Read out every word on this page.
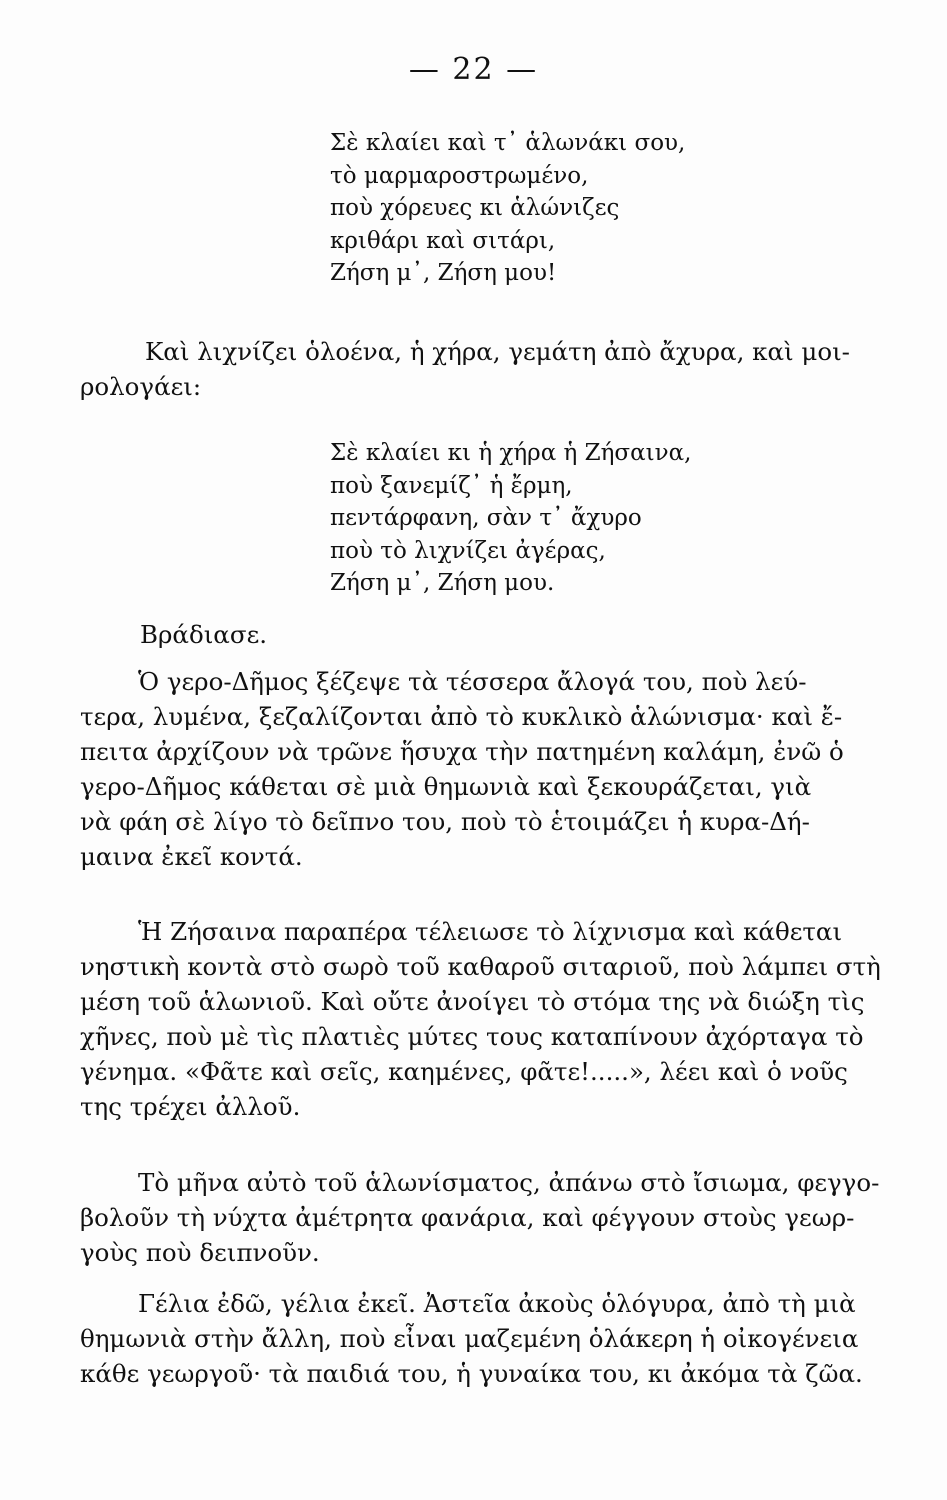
— 22 —
Σὲ κλαίει καὶ τ᾽ ἁλωνάκι σου,
τὸ μαρμαροστρωμένο,
ποὺ χόρευες κι ἁλώνιζες
κριθάρι καὶ σιτάρι,
Ζήση μ᾽, Ζήση μου!
Καὶ λιχνίζει ὁλοένα, ἡ χήρα, γεμάτη ἀπὸ ἄχυρα, καὶ μοι-
ρολογάει:
Σὲ κλαίει κι ἡ χήρα ἡ Ζήσαινα,
ποὺ ξανεμίζ᾽ ἡ ἔρμη,
πεντάρφανη, σὰν τ᾽ ἄχυρο
ποὺ τὸ λιχνίζει ἀγέρας,
Ζήση μ᾽, Ζήση μου.
Βράδιασε.
Ὁ γερο-Δῆμος ξέζεψε τὰ τέσσερα ἄλογά του, ποὺ λεύ-
τερα, λυμένα, ξεζαλίζονται ἀπὸ τὸ κυκλικὸ ἁλώνισμα· καὶ ἔ-
πειτα ἀρχίζουν νὰ τρῶνε ἥσυχα τὴν πατημένη καλάμη, ἐνῶ ὁ
γερο-Δῆμος κάθεται σὲ μιὰ θημωνιὰ καὶ ξεκουράζεται, γιὰ
νὰ φάη σὲ λίγο τὸ δεῖπνο του, ποὺ τὸ ἑτοιμάζει ἡ κυρα-Δή-
μαινα ἐκεῖ κοντά.
Ἡ Ζήσαινα παραπέρα τέλειωσε τὸ λίχνισμα καὶ κάθεται
νηστικὴ κοντὰ στὸ σωρὸ τοῦ καθαροῦ σιταριοῦ, ποὺ λάμπει στὴ
μέση τοῦ ἁλωνιοῦ. Καὶ οὔτε ἀνοίγει τὸ στόμα της νὰ διώξη τὶς
χῆνες, ποὺ μὲ τὶς πλατιὲς μύτες τους καταπίνουν ἀχόρταγα τὸ
γένημα. «Φᾶτε καὶ σεῖς, καημένες, φᾶτε!.....», λέει καὶ ὁ νοῦς
της τρέχει ἀλλοῦ.
Τὸ μῆνα αὐτὸ τοῦ ἁλωνίσματος, ἀπάνω στὸ ἴσιωμα, φεγγο-
βολοῦν τὴ νύχτα ἀμέτρητα φανάρια, καὶ φέγγουν στοὺς γεωρ-
γοὺς ποὺ δειπνοῦν.
Γέλια ἐδῶ, γέλια ἐκεῖ. Ἀστεῖα ἀκοὺς ὁλόγυρα, ἀπὸ τὴ μιὰ
θημωνιὰ στὴν ἄλλη, ποὺ εἶναι μαζεμένη ὁλάκερη ἡ οἰκογένεια
κάθε γεωργοῦ· τὰ παιδιά του, ἡ γυναίκα του, κι ἀκόμα τὰ ζῶα.
